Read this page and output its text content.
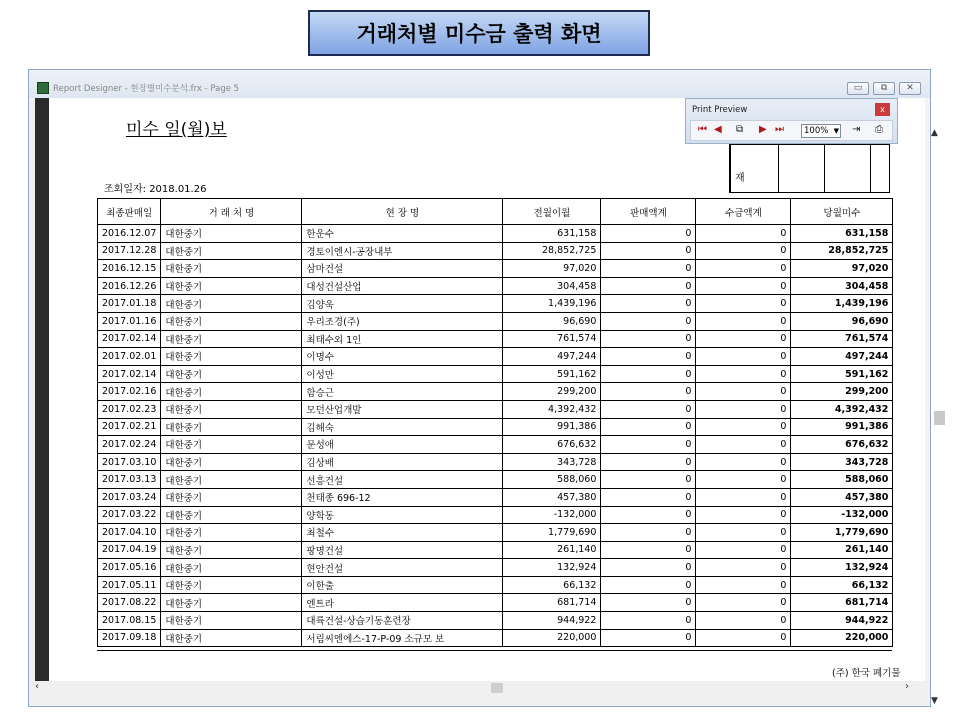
거래처별 미수금 출력 화면
Report Designer - 현장별미수분석.frx - Page 5	▭	⧉	✕
미수 일(월)보
조회일자: 2018.01.26
재
최종판매일	거 래 처 명	현 장 명	전월이월	판매액계	수금액계	당월미수
2016.12.07	대한중기	한운수	631,158	0	0	631,158
2017.12.28	대한중기	경토이엔시-공장내부	28,852,725	0	0	28,852,725
2016.12.15	대한중기	삼마건설	97,020	0	0	97,020
2016.12.26	대한중기	대성건설산업	304,458	0	0	304,458
2017.01.18	대한중기	김양욱	1,439,196	0	0	1,439,196
2017.01.16	대한중기	우리조경(주)	96,690	0	0	96,690
2017.02.14	대한중기	최태수외 1인	761,574	0	0	761,574
2017.02.01	대한중기	이명수	497,244	0	0	497,244
2017.02.14	대한중기	이성만	591,162	0	0	591,162
2017.02.16	대한중기	함승근	299,200	0	0	299,200
2017.02.23	대한중기	모던산업개발	4,392,432	0	0	4,392,432
2017.02.21	대한중기	김해숙	991,386	0	0	991,386
2017.02.24	대한중기	문성애	676,632	0	0	676,632
2017.03.10	대한중기	김상배	343,728	0	0	343,728
2017.03.13	대한중기	선흥건설	588,060	0	0	588,060
2017.03.24	대한중기	천태종 696-12	457,380	0	0	457,380
2017.03.22	대한중기	양학동	-132,000	0	0	-132,000
2017.04.10	대한중기	최철수	1,779,690	0	0	1,779,690
2017.04.19	대한중기	팡명건설	261,140	0	0	261,140
2017.05.16	대한중기	현안건설	132,924	0	0	132,924
2017.05.11	대한중기	이한출	66,132	0	0	66,132
2017.08.22	대한중기	엔트라	681,714	0	0	681,714
2017.08.15	대한중기	대륙건설-상습기동훈련장	944,922	0	0	944,922
2017.09.18	대한중기	서림씨엔에스-17-P-09 소규모 보	220,000	0	0	220,000
(주) 한국 폐기물
▲
▼
‹	›
Print Preview	x
⏮ ◀ ⧉ ▶ ⏭	100% ▼ ⇥ ⎙
